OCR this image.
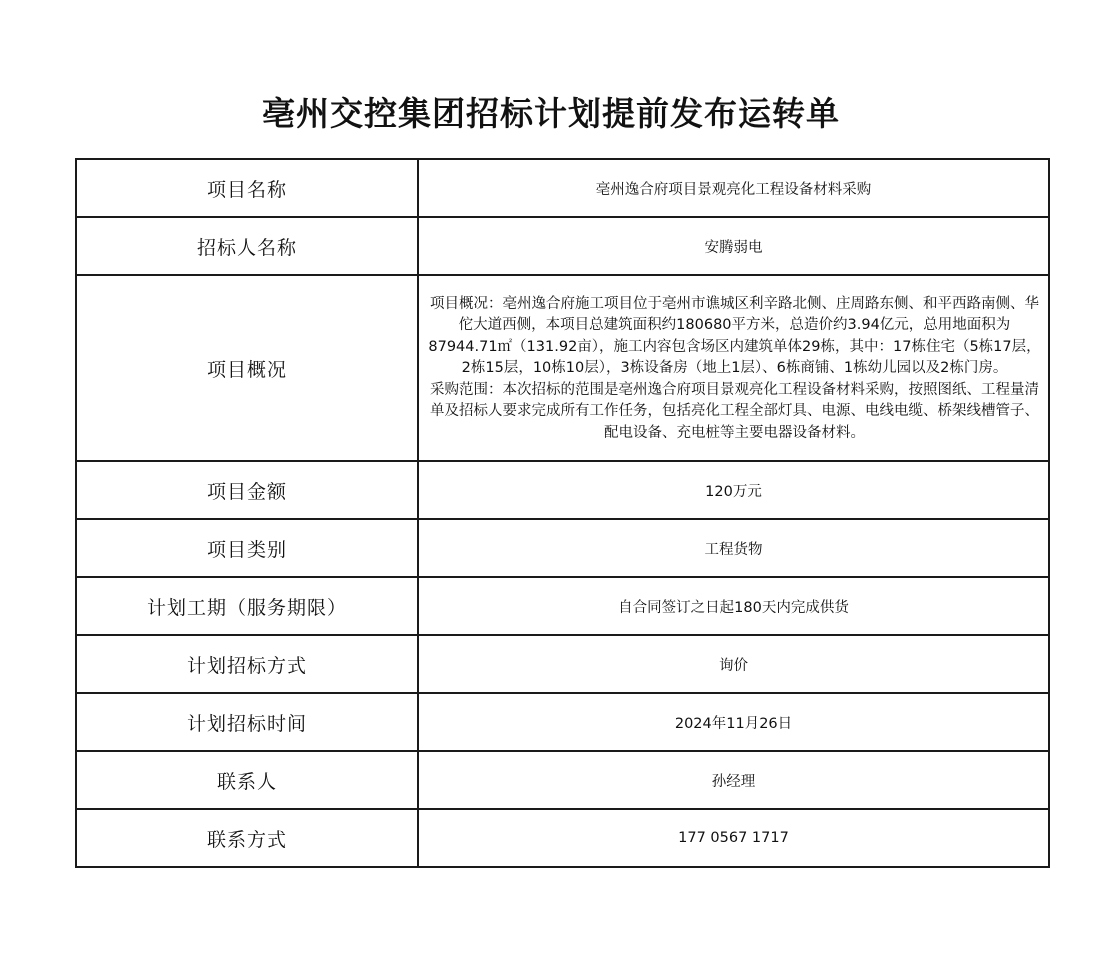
亳州交控集团招标计划提前发布运转单
项目名称	亳州逸合府项目景观亮化工程设备材料采购
招标人名称	安腾弱电
项目概况	项目概况：亳州逸合府施工项目位于亳州市谯城区利辛路北侧、庄周路东侧、和平西路南侧、华佗大道西侧，本项目总建筑面积约180680平方米，总造价约3.94亿元，总用地面积为87944.71㎡（131.92亩），施工内容包含场区内建筑单体29栋，其中：17栋住宅（5栋17层，2栋15层，10栋10层），3栋设备房（地上1层）、6栋商铺、1栋幼儿园以及2栋门房。

采购范围：本次招标的范围是亳州逸合府项目景观亮化工程设备材料采购，按照图纸、工程量清单及招标人要求完成所有工作任务，包括亮化工程全部灯具、电源、电线电缆、桥架线槽管子、配电设备、充电桩等主要电器设备材料。

项目金额	120万元
项目类别	工程货物
计划工期（服务期限）	自合同签订之日起180天内完成供货
计划招标方式	询价
计划招标时间	2024年11月26日
联系人	孙经理
联系方式	177 0567 1717
